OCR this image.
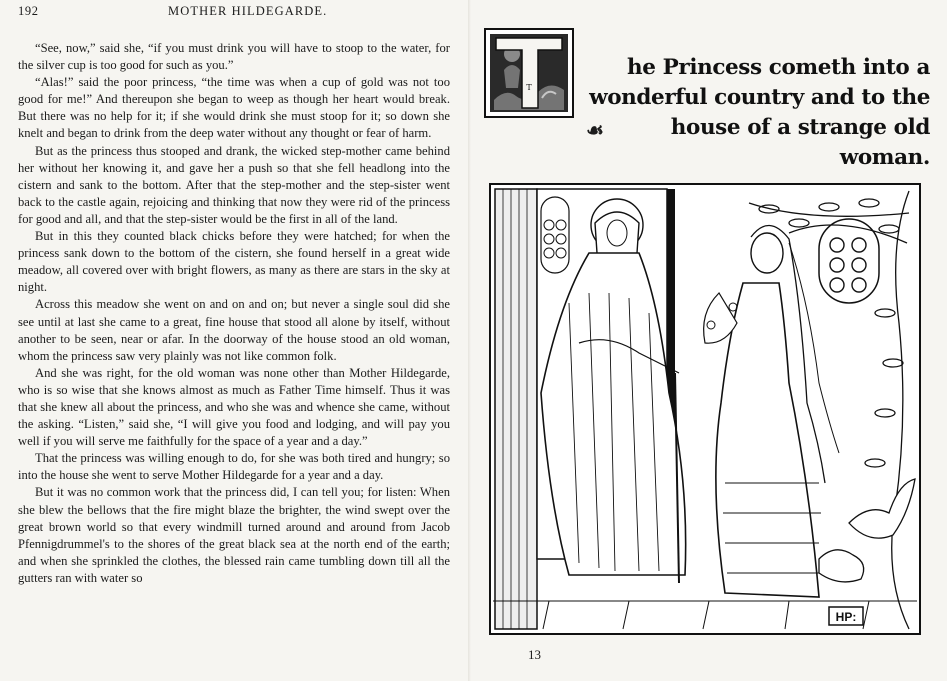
192	MOTHER HILDEGARDE.

“See, now,” said she, “if you must drink you will have to stoop to the water, for the silver cup is too good for such as you.”

“Alas!” said the poor princess, “the time was when a cup of gold was not too good for me!” And thereupon she began to weep as though her heart would break. But there was no help for it; if she would drink she must stoop for it; so down she knelt and began to drink from the deep water without any thought or fear of harm.

But as the princess thus stooped and drank, the wicked step-mother came behind her without her knowing it, and gave her a push so that she fell headlong into the cistern and sank to the bottom. After that the step-mother and the step-sister went back to the castle again, rejoicing and thinking that now they were rid of the princess for good and all, and that the step-sister would be the first in all of the land.

But in this they counted black chicks before they were hatched; for when the princess sank down to the bottom of the cistern, she found herself in a great wide meadow, all covered over with bright flowers, as many as there are stars in the sky at night.

Across this meadow she went on and on and on; but never a single soul did she see until at last she came to a great, fine house that stood all alone by itself, without another to be seen, near or afar. In the doorway of the house stood an old woman, whom the princess saw very plainly was not like common folk.

And she was right, for the old woman was none other than Mother Hildegarde, who is so wise that she knows almost as much as Father Time himself. Thus it was that she knew all about the princess, and who she was and whence she came, without the asking. “Listen,” said she, “I will give you food and lodging, and will pay you well if you will serve me faithfully for the space of a year and a day.”

That the princess was willing enough to do, for she was both tired and hungry; so into the house she went to serve Mother Hildegarde for a year and a day.

But it was no common work that the princess did, I can tell you; for listen: When she blew the bellows that the fire might blaze the brighter, the wind swept over the great brown world so that every windmill turned around and around from Jacob Pfennigdrummel's to the shores of the great black sea at the north end of the earth; and when she sprinkled the clothes, the blessed rain came tumbling down till all the gutters ran with water so

T
he Princess cometh into a wonderful country and to the house of a strange old woman.
☙
HP:
13
